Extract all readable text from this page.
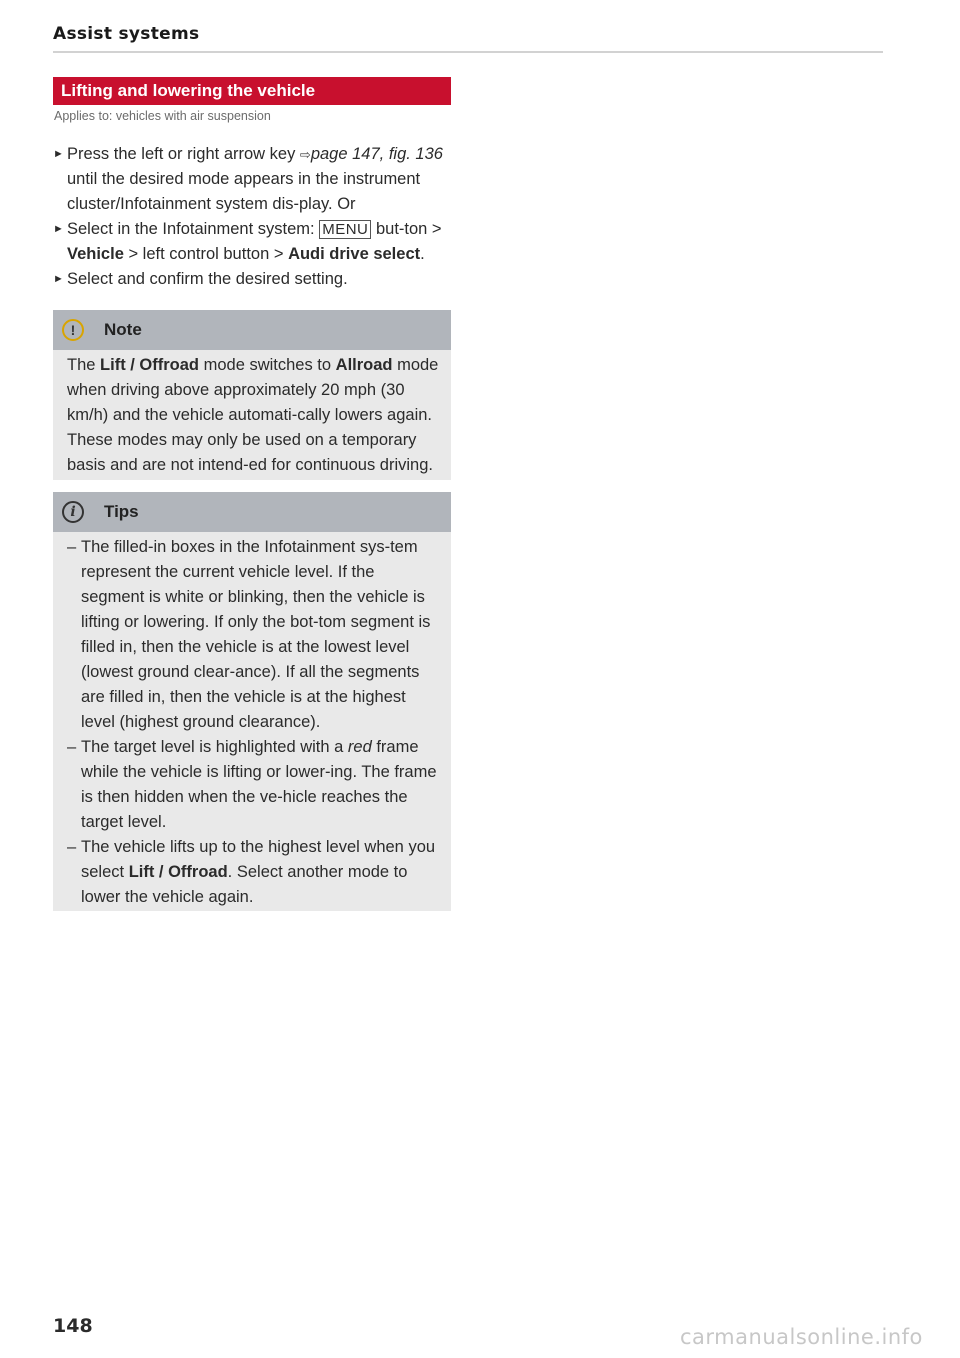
Assist systems
Lifting and lowering the vehicle
Applies to: vehicles with air suspension
► Press the left or right arrow key ⇨page 147, fig. 136 until the desired mode appears in the instrument cluster/Infotainment system dis-play. Or
► Select in the Infotainment system: MENU but-ton > Vehicle > left control button > Audi drive select.
► Select and confirm the desired setting.
!	Note

The Lift / Offroad mode switches to Allroad mode when driving above approximately 20 mph (30 km/h) and the vehicle automati-cally lowers again. These modes may only be used on a temporary basis and are not intend-ed for continuous driving.

i	Tips
– The filled-in boxes in the Infotainment sys-tem represent the current vehicle level. If the segment is white or blinking, then the vehicle is lifting or lowering. If only the bot-tom segment is filled in, then the vehicle is at the lowest level (lowest ground clear-ance). If all the segments are filled in, then the vehicle is at the highest level (highest ground clearance).
– The target level is highlighted with a red frame while the vehicle is lifting or lower-ing. The frame is then hidden when the ve-hicle reaches the target level.
– The vehicle lifts up to the highest level when you select Lift / Offroad. Select another mode to lower the vehicle again.
148	carmanualsonline.info
